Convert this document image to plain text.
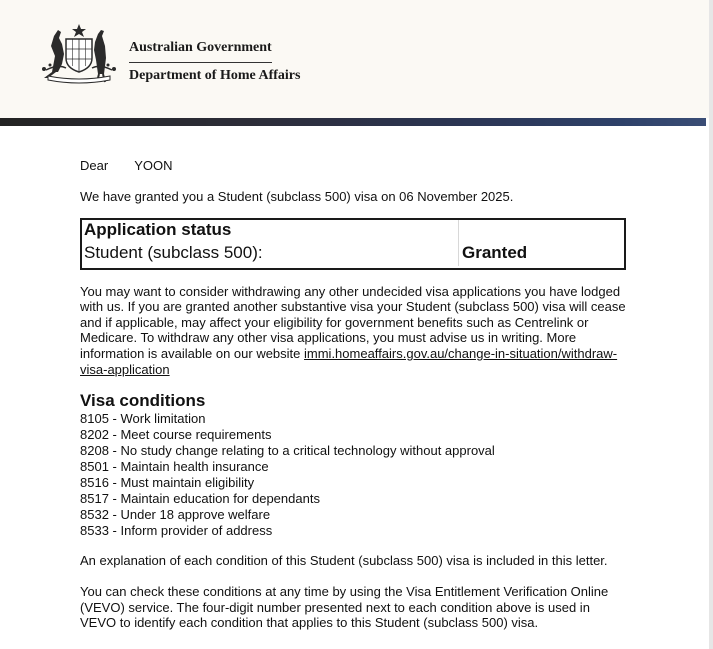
Australian Government
Department of Home Affairs

Dear YOON

We have granted you a Student (subclass 500) visa on 06 November 2025.

Application status
Student (subclass 500):	Granted

You may want to consider withdrawing any other undecided visa applications you have lodged with us. If you are granted another substantive visa your Student (subclass 500) visa will cease and if applicable, may affect your eligibility for government benefits such as Centrelink or Medicare. To withdraw any other visa applications, you must advise us in writing. More information is available on our website immi.homeaffairs.gov.au/change-in-situation/withdraw-visa-application

Visa conditions
8105 - Work limitation
8202 - Meet course requirements
8208 - No study change relating to a critical technology without approval
8501 - Maintain health insurance
8516 - Must maintain eligibility
8517 - Maintain education for dependants
8532 - Under 18 approve welfare
8533 - Inform provider of address

An explanation of each condition of this Student (subclass 500) visa is included in this letter.

You can check these conditions at any time by using the Visa Entitlement Verification Online (VEVO) service. The four-digit number presented next to each condition above is used in VEVO to identify each condition that applies to this Student (subclass 500) visa.
